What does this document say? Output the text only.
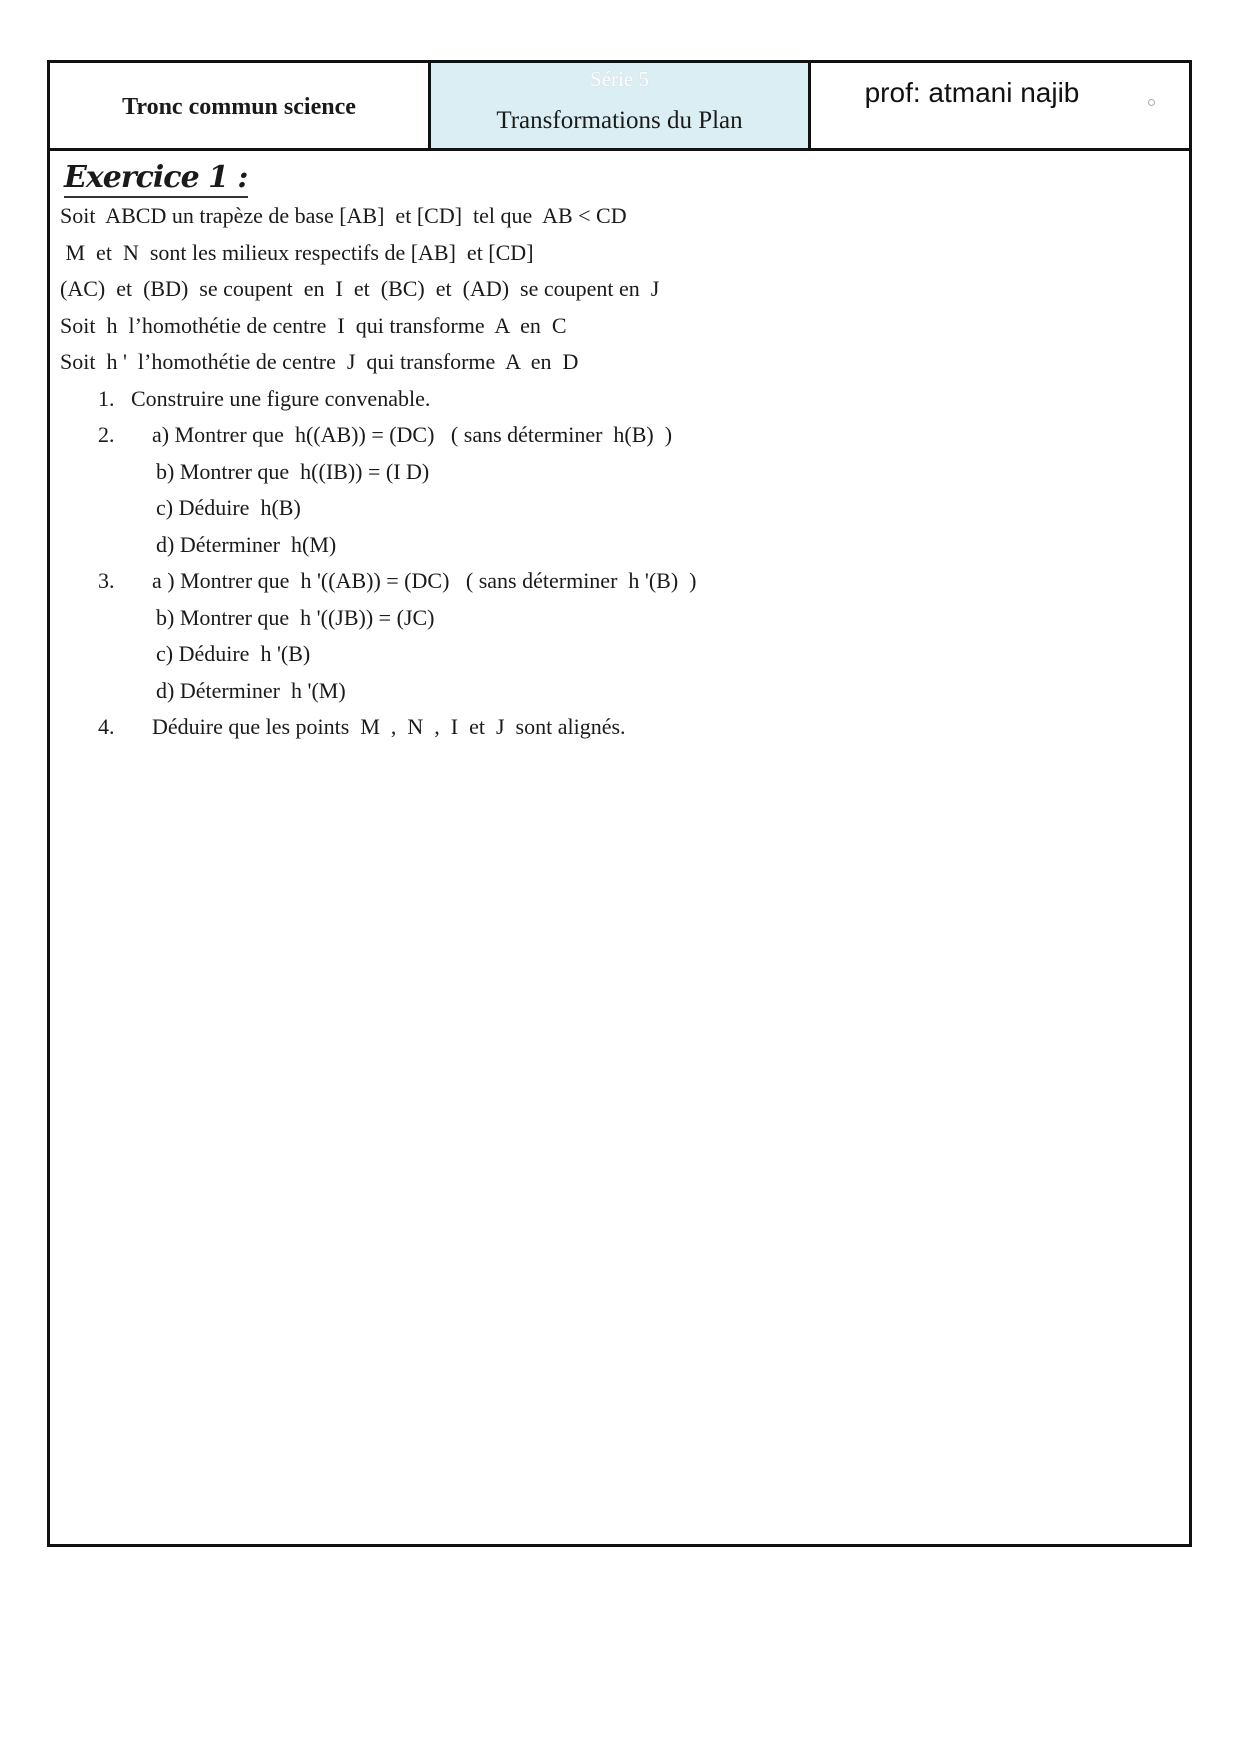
Tronc commun science
Série 5
Transformations du Plan
prof: atmani najib
Exercice 1 :
Soit  ABCD un trapèze de base [AB]  et [CD]  tel que  AB < CD
M  et  N  sont les milieux respectifs de [AB]  et [CD]
(AC)  et  (BD)  se coupent  en  I  et  (BC)  et  (AD)  se coupent en  J
Soit  h  l’homothétie de centre  I  qui transforme  A  en  C
Soit  h '  l’homothétie de centre  J  qui transforme  A  en  D
1. Construire une figure convenable.
2.	a) Montrer que  h((AB)) = (DC)   ( sans déterminer  h(B)  )
b) Montrer que  h((IB)) = (I D)
c) Déduire  h(B)
d) Déterminer  h(M)
3.	a ) Montrer que  h '((AB)) = (DC)   ( sans déterminer  h '(B)  )
b) Montrer que  h '((JB)) = (JC)
c) Déduire  h '(B)
d) Déterminer  h '(M)
4.	Déduire que les points  M  ,  N  ,  I  et  J  sont alignés.
